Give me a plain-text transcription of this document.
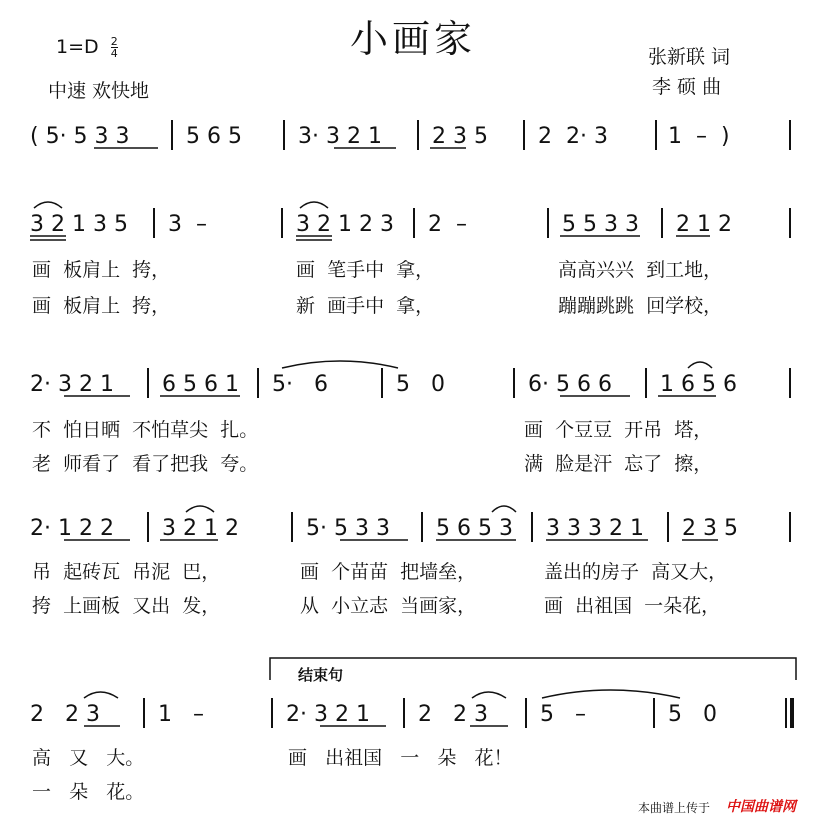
$1=D \frac{2}{4}$	小画家
中速 欢快地
张新联 词
李 硕 曲
( 5· 5 3 3	5 6 5	3· 3 2 1 2 3 5 2  2· 3	1  –  )
3 2 1 3 5 3  –	3 2 1 2 3 2  –	5 5 3 3 2 1 2
画  板肩上  挎，	画  笔手中  拿，	高高兴兴  到工地，
画  板肩上  挎，	新  画手中  拿，	蹦蹦跳跳  回学校，
2· 3 2 1 6 5 6 1 5·   6	5   0	6· 5 6 6 1 6 5 6
不  怕日晒  不怕草尖  扎。	画  个豆豆  开吊  塔，
老  师看了  看了把我  夸。	满  脸是汗  忘了  擦，
2· 1 2 2 3 2 1 2	5· 5 3 3 5 6 5 3 3 3 3 2 1 2 3 5
吊  起砖瓦  吊泥  巴，	画  个苗苗  把墙垒，	盖出的房子  高又大，
挎  上画板  又出  发，	从  小立志  当画家，	画  出祖国  一朵花，
结束句
2   2 3	1   –	2· 3 2 1 2   2 3 5   –	5   0
高   又   大。	画   出祖国   一   朵   花！
一   朵   花。
本曲谱上传于 中国曲谱网
